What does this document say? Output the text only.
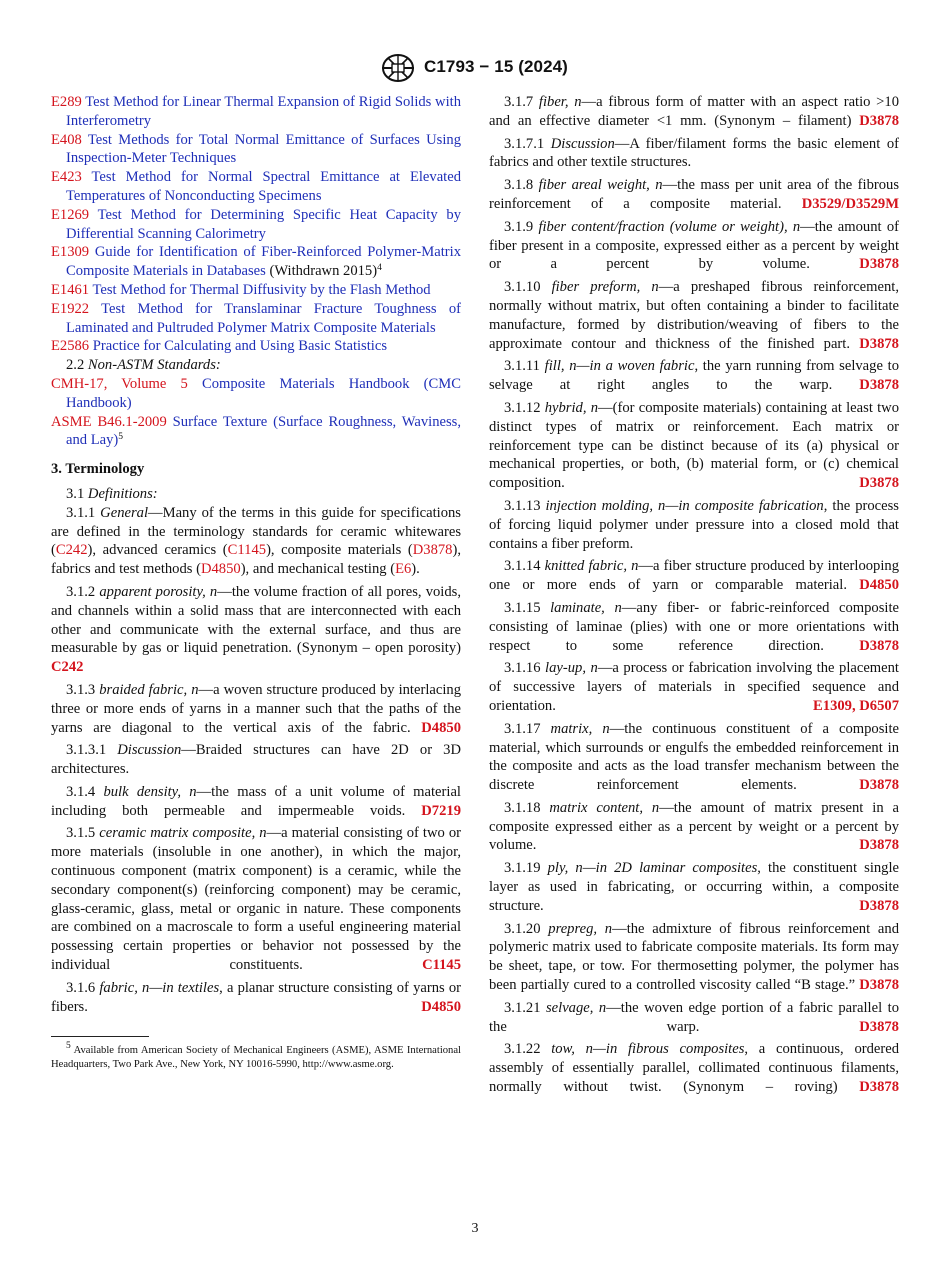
C1793 − 15 (2024)

E289 Test Method for Linear Thermal Expansion of Rigid Solids with Interferometry

E408 Test Methods for Total Normal Emittance of Surfaces Using Inspection-Meter Techniques

E423 Test Method for Normal Spectral Emittance at Elevated Temperatures of Nonconducting Specimens

E1269 Test Method for Determining Specific Heat Capacity by Differential Scanning Calorimetry

E1309 Guide for Identification of Fiber-Reinforced Polymer-Matrix Composite Materials in Databases (Withdrawn 2015)$^4$

E1461 Test Method for Thermal Diffusivity by the Flash Method

E1922 Test Method for Translaminar Fracture Toughness of Laminated and Pultruded Polymer Matrix Composite Materials

E2586 Practice for Calculating and Using Basic Statistics

2.2 Non-ASTM Standards:

CMH-17, Volume 5 Composite Materials Handbook (CMC Handbook)

ASME B46.1-2009 Surface Texture (Surface Roughness, Waviness, and Lay)$^5$

3. Terminology

3.1 Definitions:

3.1.1 General—Many of the terms in this guide for specifications are defined in the terminology standards for ceramic whitewares (C242), advanced ceramics (C1145), composite materials (D3878), fabrics and test methods (D4850), and mechanical testing (E6).

3.1.2 apparent porosity, n—the volume fraction of all pores, voids, and channels within a solid mass that are interconnected with each other and communicate with the external surface, and thus are measurable by gas or liquid penetration. (Synonym – open porosity) C242

3.1.3 braided fabric, n—a woven structure produced by interlacing three or more ends of yarns in a manner such that the paths of the yarns are diagonal to the vertical axis of the fabric. D4850

3.1.3.1 Discussion—Braided structures can have 2D or 3D architectures.

3.1.4 bulk density, n—the mass of a unit volume of material including both permeable and impermeable voids. D7219

3.1.5 ceramic matrix composite, n—a material consisting of two or more materials (insoluble in one another), in which the major, continuous component (matrix component) is a ceramic, while the secondary component(s) (reinforcing component) may be ceramic, glass-ceramic, glass, metal or organic in nature. These components are combined on a macroscale to form a useful engineering material possessing certain properties or behavior not possessed by the individual constituents.	C1145

3.1.6 fabric, n—in textiles, a planar structure consisting of yarns or fibers.	D4850

$^5$ Available from American Society of Mechanical Engineers (ASME), ASME International Headquarters, Two Park Ave., New York, NY 10016-5990, http://www.asme.org.

3.1.7 fiber, n—a fibrous form of matter with an aspect ratio >10 and an effective diameter <1 mm. (Synonym – filament) D3878

3.1.7.1 Discussion—A fiber/filament forms the basic element of fabrics and other textile structures.

3.1.8 fiber areal weight, n—the mass per unit area of the fibrous reinforcement of a composite material. D3529/D3529M

3.1.9 fiber content/fraction (volume or weight), n—the amount of fiber present in a composite, expressed either as a percent by weight or a percent by volume.	D3878

3.1.10 fiber preform, n—a preshaped fibrous reinforcement, normally without matrix, but often containing a binder to facilitate manufacture, formed by distribution/weaving of fibers to the approximate contour and thickness of the finished part. D3878

3.1.11 fill, n—in a woven fabric, the yarn running from selvage to selvage at right angles to the warp. D3878

3.1.12 hybrid, n—(for composite materials) containing at least two distinct types of matrix or reinforcement. Each matrix or reinforcement type can be distinct because of its (a) physical or mechanical properties, or both, (b) material form, or (c) chemical composition.	D3878

3.1.13 injection molding, n—in composite fabrication, the process of forcing liquid polymer under pressure into a closed mold that contains a fiber preform.

3.1.14 knitted fabric, n—a fiber structure produced by interlooping one or more ends of yarn or comparable material. D4850

3.1.15 laminate, n—any fiber- or fabric-reinforced composite consisting of laminae (plies) with one or more orientations with respect to some reference direction. D3878

3.1.16 lay-up, n—a process or fabrication involving the placement of successive layers of materials in specified sequence and orientation.	E1309, D6507

3.1.17 matrix, n—the continuous constituent of a composite material, which surrounds or engulfs the embedded reinforcement in the composite and acts as the load transfer mechanism between the discrete reinforcement elements.	D3878

3.1.18 matrix content, n—the amount of matrix present in a composite expressed either as a percent by weight or a percent by volume.	D3878

3.1.19 ply, n—in 2D laminar composites, the constituent single layer as used in fabricating, or occurring within, a composite structure.	D3878

3.1.20 prepreg, n—the admixture of fibrous reinforcement and polymeric matrix used to fabricate composite materials. Its form may be sheet, tape, or tow. For thermosetting polymer, the polymer has been partially cured to a controlled viscosity called “B stage.” D3878

3.1.21 selvage, n—the woven edge portion of a fabric parallel to the warp.	D3878

3.1.22 tow, n—in fibrous composites, a continuous, ordered assembly of essentially parallel, collimated continuous filaments, normally without twist. (Synonym – roving) D3878

3
